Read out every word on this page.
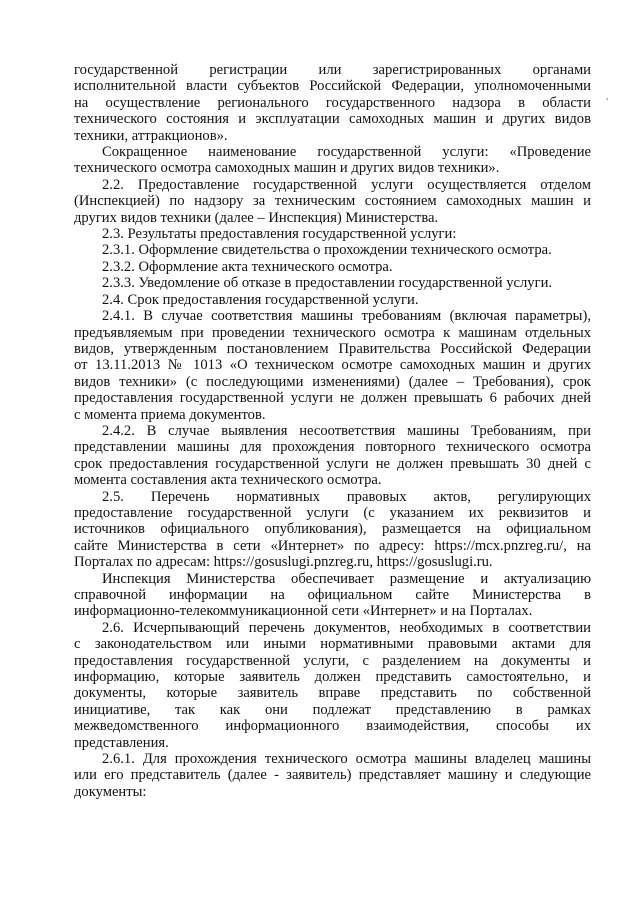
государственной регистрации или зарегистрированных органами
исполнительной власти субъектов Российской Федерации, уполномоченными
на осуществление регионального государственного надзора в области
технического состояния и эксплуатации самоходных машин и других видов
техники, аттракционов».
Сокращенное наименование государственной услуги: «Проведение
технического осмотра самоходных машин и других видов техники».
2.2. Предоставление государственной услуги осуществляется отделом
(Инспекцией) по надзору за техническим состоянием самоходных машин и
других видов техники (далее – Инспекция) Министерства.
2.3. Результаты предоставления государственной услуги:
2.3.1. Оформление свидетельства о прохождении технического осмотра.
2.3.2. Оформление акта технического осмотра.
2.3.3. Уведомление об отказе в предоставлении государственной услуги.
2.4. Срок предоставления государственной услуги.
2.4.1. В случае соответствия машины требованиям (включая параметры),
предъявляемым при проведении технического осмотра к машинам отдельных
видов, утвержденным постановлением Правительства Российской Федерации
от 13.11.2013 № 1013 «О техническом осмотре самоходных машин и других
видов техники» (с последующими изменениями) (далее – Требования), срок
предоставления государственной услуги не должен превышать 6 рабочих дней
с момента приема документов.
2.4.2. В случае выявления несоответствия машины Требованиям, при
представлении машины для прохождения повторного технического осмотра
срок предоставления государственной услуги не должен превышать 30 дней с
момента составления акта технического осмотра.
2.5. Перечень нормативных правовых актов, регулирующих
предоставление государственной услуги (с указанием их реквизитов и
источников официального опубликования), размещается на официальном
сайте Министерства в сети «Интернет» по адресу: https://mcx.pnzreg.ru/, на
Порталах по адресам: https://gosuslugi.pnzreg.ru, https://gosuslugi.ru.
Инспекция Министерства обеспечивает размещение и актуализацию
справочной информации на официальном сайте Министерства в
информационно-телекоммуникационной сети «Интернет» и на Порталах.
2.6. Исчерпывающий перечень документов, необходимых в соответствии
с законодательством или иными нормативными правовыми актами для
предоставления государственной услуги, с разделением на документы и
информацию, которые заявитель должен представить самостоятельно, и
документы, которые заявитель вправе представить по собственной
инициативе, так как они подлежат представлению в рамках
межведомственного информационного взаимодействия, способы их
представления.
2.6.1. Для прохождения технического осмотра машины владелец машины
или его представитель (далее - заявитель) представляет машину и следующие
документы:
'
